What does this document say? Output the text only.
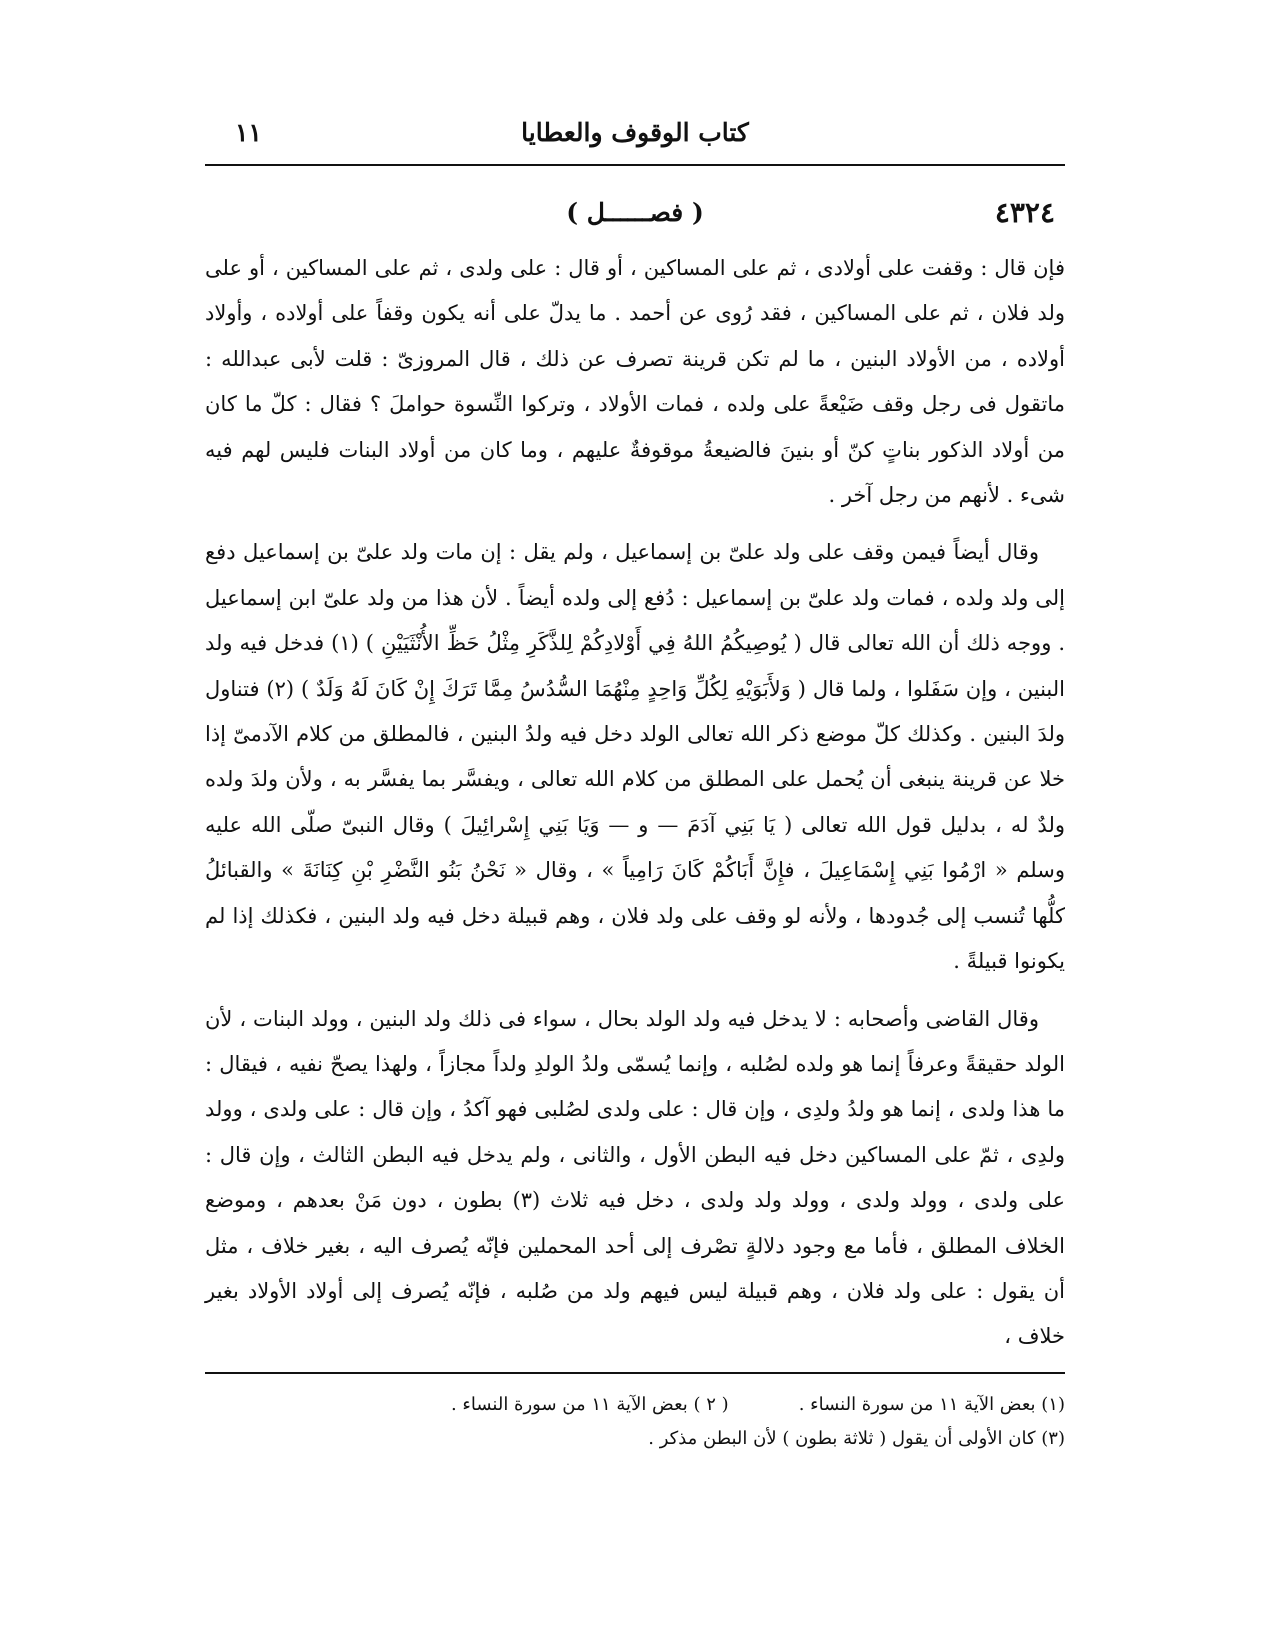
كتاب الوقوف والعطايا
١١
٤٣٢٤
( فصــــــل )

فإن قال : وقفت على أولادى ، ثم على المساكين ، أو قال : على ولدى ، ثم على المساكين ، أو على ولد فلان ، ثم على المساكين ، فقد رُوى عن أحمد . ما يدلّ على أنه يكون وقفاً على أولاده ، وأولاد أولاده ، من الأولاد البنين ، ما لم تكن قرينة تصرف عن ذلك ، قال المروزىّ : قلت لأبى عبدالله : ماتقول فى رجل وقف ضَيْعةً على ولده ، فمات الأولاد ، وتركوا النِّسوة حواملَ ؟ فقال : كلّ ما كان من أولاد الذكور بناتٍ كنّ أو بنينَ فالضيعةُ موقوفةٌ عليهم ، وما كان من أولاد البنات فليس لهم فيه شىء . لأنهم من رجل آخر .

وقال أيضاً فيمن وقف على ولد علىّ بن إسماعيل ، ولم يقل : إن مات ولد علىّ بن إسماعيل دفع إلى ولد ولده ، فمات ولد علىّ بن إسماعيل : دُفع إلى ولده أيضاً . لأن هذا من ولد علىّ ابن إسماعيل . ووجه ذلك أن الله تعالى قال ( يُوصِيكُمُ اللهُ فِي أَوْلادِكُمْ لِلذَّكَرِ مِثْلُ حَظِّ الأُنْثَيَيْنِ ) (١) فدخل فيه ولد البنين ، وإن سَفَلوا ، ولما قال ( وَلأَبَوَيْهِ لِكُلِّ وَاحِدٍ مِنْهُمَا السُّدُسُ مِمَّا تَرَكَ إِنْ كَانَ لَهُ وَلَدٌ ) (٢) فتناول ولدَ البنين . وكذلك كلّ موضع ذكر الله تعالى الولد دخل فيه ولدُ البنين ، فالمطلق من كلام الآدمىّ إذا خلا عن قرينة ينبغى أن يُحمل على المطلق من كلام الله تعالى ، ويفسَّر بما يفسَّر به ، ولأن ولدَ ولده ولدٌ له ، بدليل قول الله تعالى ( يَا بَنِي آدَمَ — و — وَيَا بَنِي إِسْرائِيلَ ) وقال النبىّ صلّى الله عليه وسلم « ارْمُوا بَنِي إِسْمَاعِيلَ ، فإِنَّ أَبَاكُمْ كَانَ رَامِياً » ، وقال « نَحْنُ بَنُو النَّضْرِ بْنِ كِنَانَةَ » والقبائلُ كلُّها تُنسب إلى جُدودها ، ولأنه لو وقف على ولد فلان ، وهم قبيلة دخل فيه ولد البنين ، فكذلك إذا لم يكونوا قبيلةً .

وقال القاضى وأصحابه : لا يدخل فيه ولد الولد بحال ، سواء فى ذلك ولد البنين ، وولد البنات ، لأن الولد حقيقةً وعرفاً إنما هو ولده لصُلبه ، وإنما يُسمّى ولدُ الولدِ ولداً مجازاً ، ولهذا يصحّ نفيه ، فيقال : ما هذا ولدى ، إنما هو ولدُ ولدِى ، وإن قال : على ولدى لصُلبى فهو آكدُ ، وإن قال : على ولدى ، وولد ولدِى ، ثمّ على المساكين دخل فيه البطن الأول ، والثانى ، ولم يدخل فيه البطن الثالث ، وإن قال : على ولدى ، وولد ولدى ، وولد ولد ولدى ، دخل فيه ثلاث (٣) بطون ، دون مَنْ بعدهم ، وموضع الخلاف المطلق ، فأما مع وجود دلالةٍ تصْرف إلى أحد المحملين فإنّه يُصرف اليه ، بغير خلاف ، مثل أن يقول : على ولد فلان ، وهم قبيلة ليس فيهم ولد من صُلبه ، فإنّه يُصرف إلى أولاد الأولاد بغير خلاف ،

(١) بعض الآية ١١ من سورة النساء .
( ٢ ) بعض الآية ١١ من سورة النساء .
(٣) كان الأولى أن يقول ( ثلاثة بطون ) لأن البطن مذكر .
